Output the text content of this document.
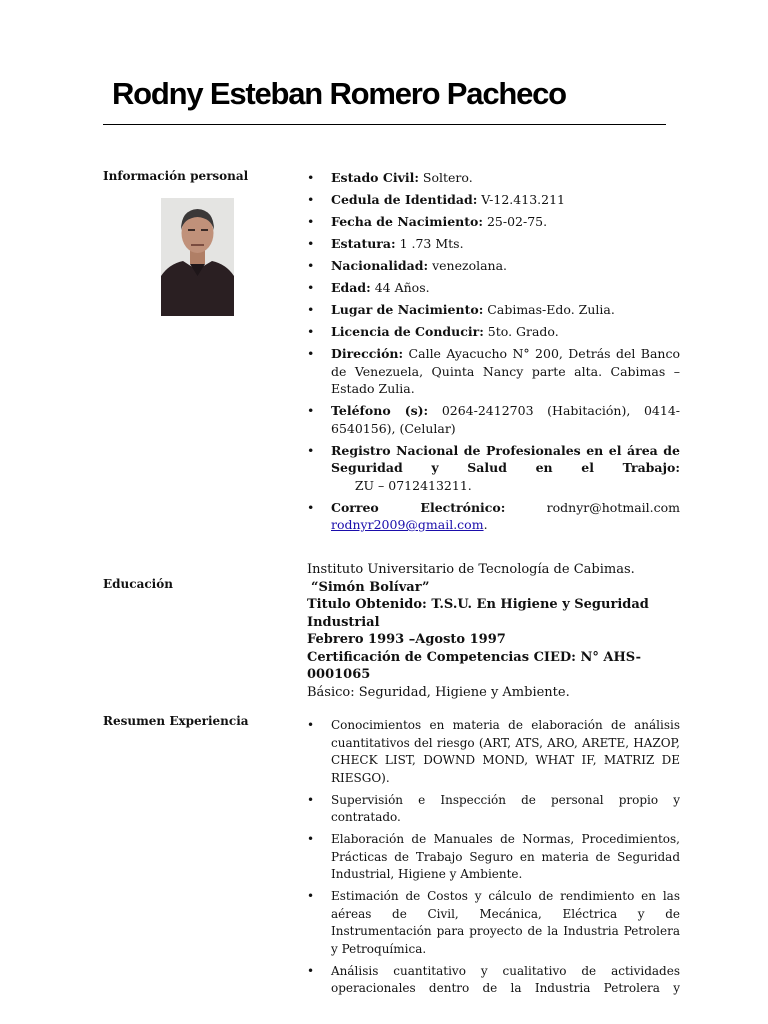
Rodny Esteban Romero Pacheco

Información personal	• Estado Civil: Soltero.
• Cedula de Identidad: V-12.413.211
• Fecha de Nacimiento: 25-02-75.
• Estatura: 1 .73 Mts.
• Nacionalidad: venezolana.
• Edad: 44 Años.
• Lugar de Nacimiento: Cabimas-Edo. Zulia.
• Licencia de Conducir: 5to. Grado.
• Dirección: Calle Ayacucho N° 200, Detrás del Banco de Venezuela, Quinta Nancy parte alta. Cabimas – Estado Zulia.
• Teléfono (s): 0264-2412703 (Habitación), 0414-6540156), (Celular)
• Registro Nacional de Profesionales en el área de Seguridad y Salud en el Trabajo:      ZU – 0712413211.
• Correo Electrónico: rodnyr@hotmail.com rodnyr2009@gmail.com.

Educación

Instituto Universitario de Tecnología de Cabimas.

“Simón Bolívar”

Titulo Obtenido: T.S.U. En Higiene y Seguridad Industrial

Febrero 1993 –Agosto 1997

Certificación de Competencias CIED: N° AHS-0001065

Básico: Seguridad, Higiene y Ambiente.

Resumen Experiencia	• Conocimientos en materia de elaboración de análisis cuantitativos del riesgo (ART, ATS, ARO, ARETE, HAZOP, CHECK LIST, DOWND MOND, WHAT IF, MATRIZ DE RIESGO).
• Supervisión e Inspección de personal propio y contratado.
• Elaboración de Manuales de Normas, Procedimientos, Prácticas de Trabajo Seguro en materia de Seguridad Industrial, Higiene y Ambiente.
• Estimación de Costos y cálculo de rendimiento en las aéreas de Civil, Mecánica, Eléctrica y de Instrumentación para proyecto de la Industria Petrolera y Petroquímica.
• Análisis cuantitativo y cualitativo de actividades operacionales dentro de la Industria Petrolera y
